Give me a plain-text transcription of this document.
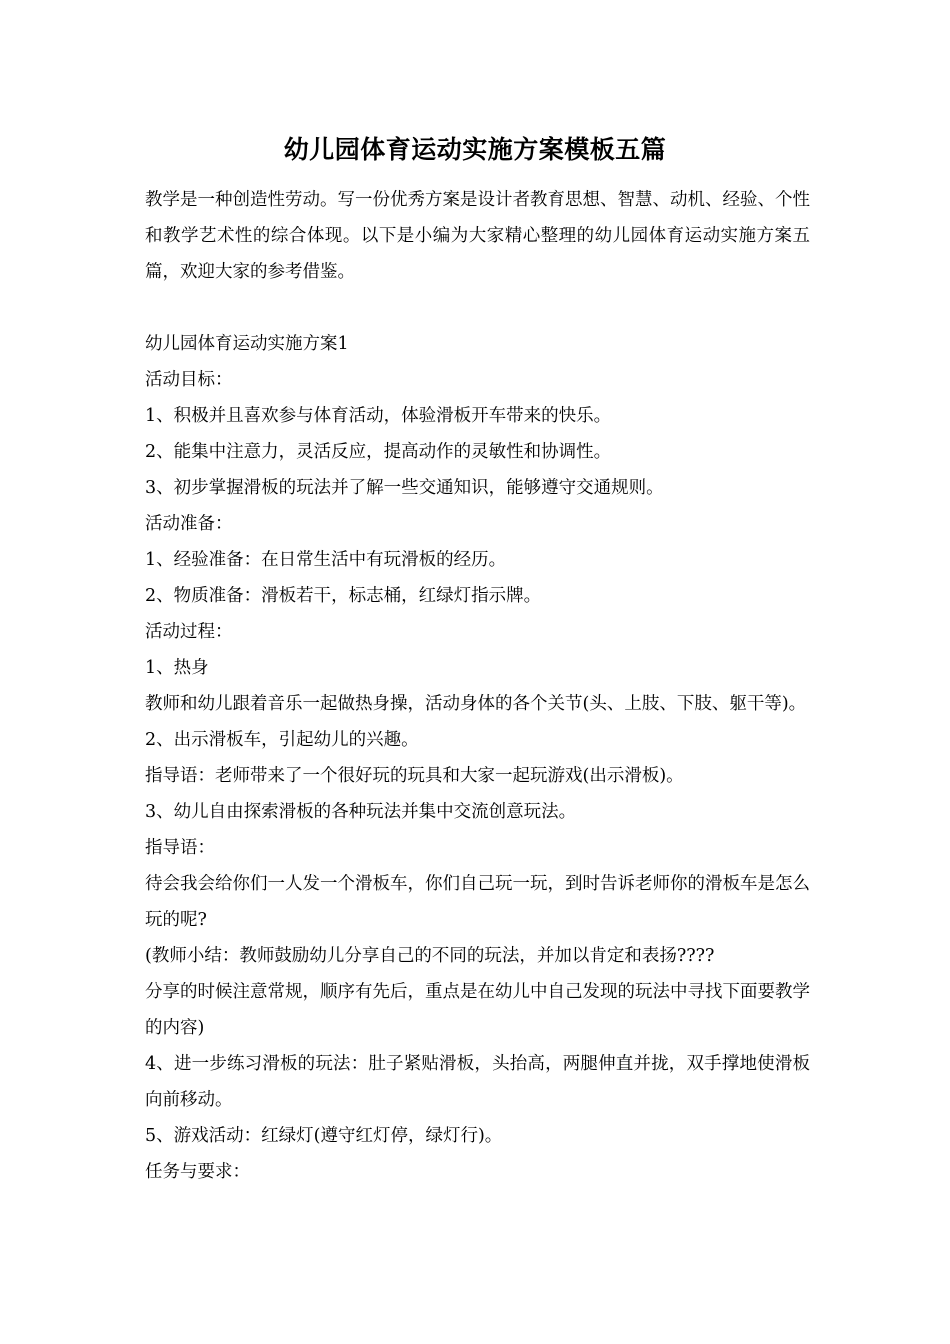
幼儿园体育运动实施方案模板五篇

教学是一种创造性劳动。写一份优秀方案是设计者教育思想、智慧、动机、经验、个性和教学艺术性的综合体现。以下是小编为大家精心整理的幼儿园体育运动实施方案五篇，欢迎大家的参考借鉴。

幼儿园体育运动实施方案1

活动目标：

1、积极并且喜欢参与体育活动，体验滑板开车带来的快乐。

2、能集中注意力，灵活反应，提高动作的灵敏性和协调性。

3、初步掌握滑板的玩法并了解一些交通知识，能够遵守交通规则。

活动准备：

1、经验准备：在日常生活中有玩滑板的经历。

2、物质准备：滑板若干，标志桶，红绿灯指示牌。

活动过程：

1、热身

教师和幼儿跟着音乐一起做热身操，活动身体的各个关节(头、上肢、下肢、躯干等)。

2、出示滑板车，引起幼儿的兴趣。

指导语：老师带来了一个很好玩的玩具和大家一起玩游戏(出示滑板)。

3、幼儿自由探索滑板的各种玩法并集中交流创意玩法。

指导语：

待会我会给你们一人发一个滑板车，你们自己玩一玩，到时告诉老师你的滑板车是怎么玩的呢?

(教师小结：教师鼓励幼儿分享自己的不同的玩法，并加以肯定和表扬????

分享的时候注意常规，顺序有先后，重点是在幼儿中自己发现的玩法中寻找下面要教学的内容)

4、进一步练习滑板的玩法：肚子紧贴滑板，头抬高，两腿伸直并拢，双手撑地使滑板向前移动。

5、游戏活动：红绿灯(遵守红灯停，绿灯行)。

任务与要求：
